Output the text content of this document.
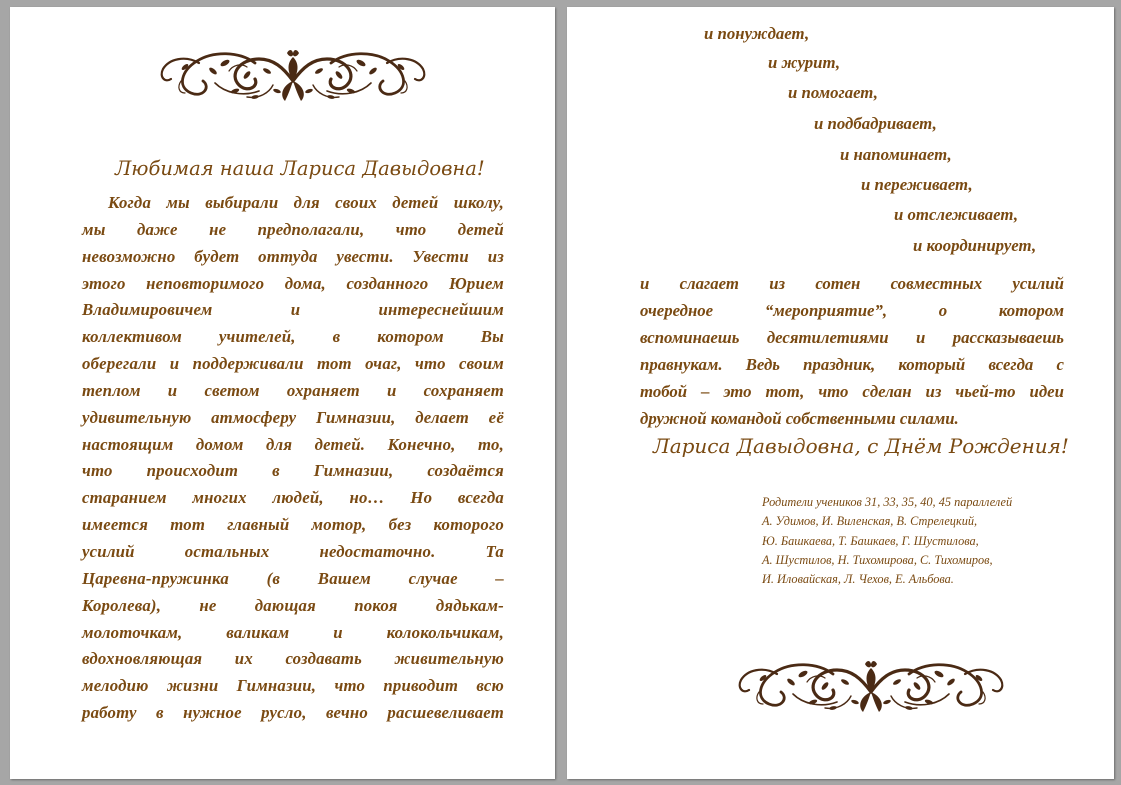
Любимая наша Лариса Давыдовна!
Когда мы выбирали для своих детей школу,
мы даже не предполагали, что детей
невозможно будет оттуда увести. Увести из
этого неповторимого дома, созданного Юрием
Владимировичем	и	интереснейшим
коллективом учителей, в котором Вы
оберегали и поддерживали тот очаг, что своим
теплом и светом охраняет и сохраняет
удивительную атмосферу Гимназии, делает её
настоящим домом для детей. Конечно, то,
что происходит в Гимназии, создаётся
старанием многих людей, но… Но всегда
имеется тот главный мотор, без которого
усилий	остальных	недостаточно.	Та
Царевна-пружинка (в Вашем случае –
Королева), не дающая покоя дядькам-
молоточкам,	валикам	и	колокольчикам,
вдохновляющая их создавать живительную
мелодию жизни Гимназии, что приводит всю
работу в нужное русло, вечно расшевеливает
и понуждает,
и журит,
и помогает,
и подбадривает,
и напоминает,
и переживает,
и отслеживает,
и координирует,
и слагает из сотен совместных усилий
очередное	“мероприятие”,	о	котором
вспоминаешь десятилетиями и рассказываешь
правнукам. Ведь праздник, который всегда с
тобой – это тот, что сделан из чьей-то идеи
дружной командой собственными силами.
Лариса Давыдовна, с Днём Рождения!
Родители учеников 31, 33, 35, 40, 45 параллелей
А. Удимов, И. Виленская, В. Стрелецкий,
Ю. Башкаева, Т. Башкаев, Г. Шустилова,
А. Шустилов, Н. Тихомирова, С. Тихомиров,
И. Иловайская, Л. Чехов, Е. Альбова.
